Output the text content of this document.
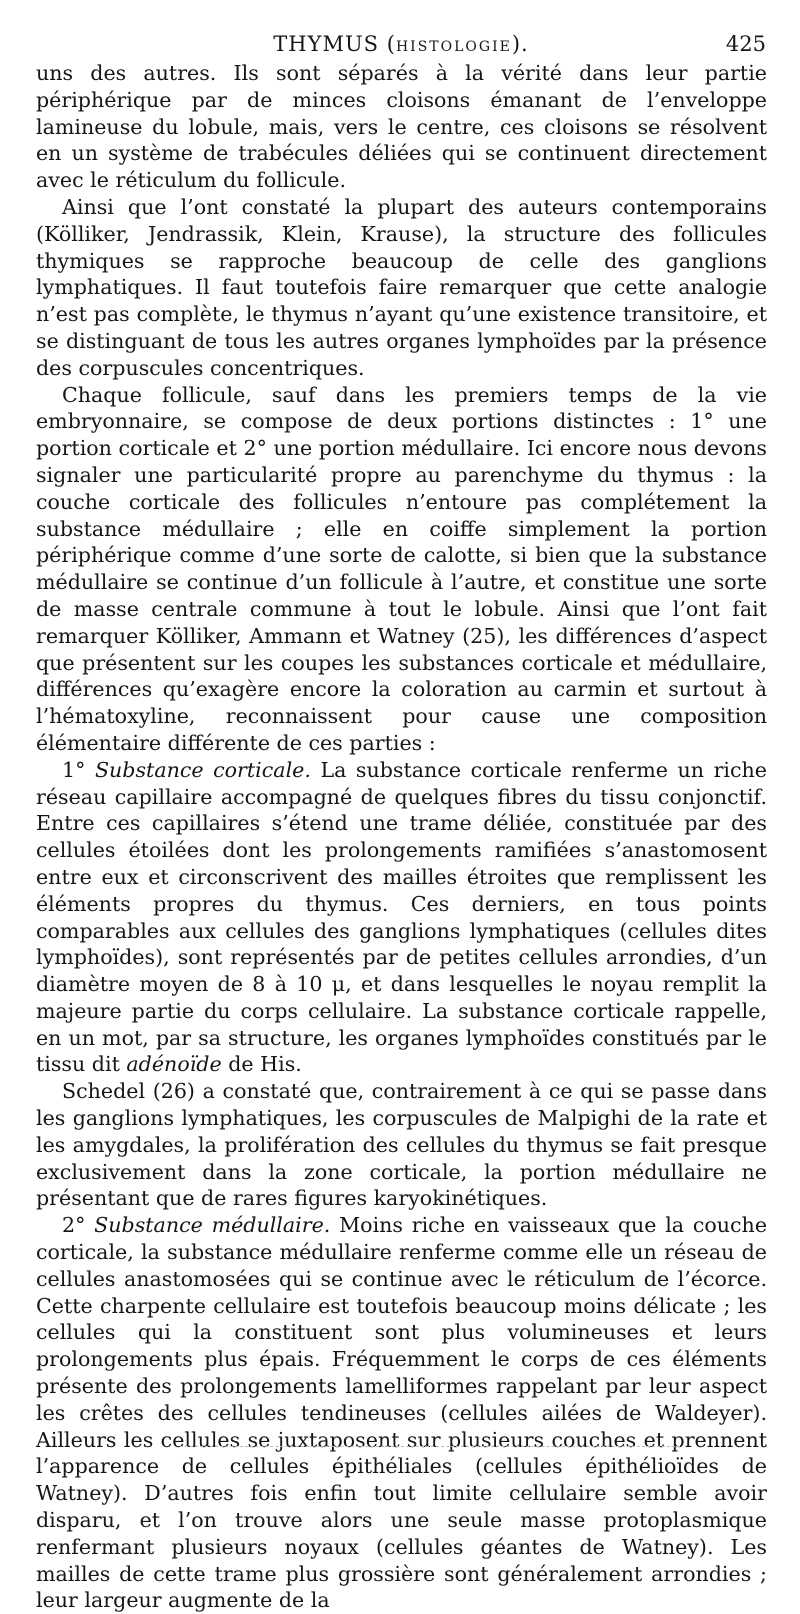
THYMUS (HISTOLOGIE).	425

uns des autres. Ils sont séparés à la vérité dans leur partie périphérique par de minces cloisons émanant de l’enveloppe lamineuse du lobule, mais, vers le centre, ces cloisons se résolvent en un système de trabécules déliées qui se continuent directement avec le réticulum du follicule.

Ainsi que l’ont constaté la plupart des auteurs contemporains (Kölliker, Jendrassik, Klein, Krause), la structure des follicules thymiques se rapproche beaucoup de celle des ganglions lymphatiques. Il faut toutefois faire remarquer que cette analogie n’est pas complète, le thymus n’ayant qu’une existence transitoire, et se distinguant de tous les autres organes lymphoïdes par la présence des corpuscules concentriques.

Chaque follicule, sauf dans les premiers temps de la vie embryonnaire, se compose de deux portions distinctes : 1° une portion corticale et 2° une portion médullaire. Ici encore nous devons signaler une particularité propre au parenchyme du thymus : la couche corticale des follicules n’entoure pas complétement la substance médullaire ; elle en coiffe simplement la portion périphérique comme d’une sorte de calotte, si bien que la substance médullaire se continue d’un follicule à l’autre, et constitue une sorte de masse centrale commune à tout le lobule. Ainsi que l’ont fait remarquer Kölliker, Ammann et Watney (25), les différences d’aspect que présentent sur les coupes les substances corticale et médullaire, différences qu’exagère encore la coloration au carmin et surtout à l’hématoxyline, reconnaissent pour cause une composition élémentaire différente de ces parties :

1° Substance corticale. La substance corticale renferme un riche réseau capillaire accompagné de quelques fibres du tissu conjonctif. Entre ces capillaires s’étend une trame déliée, constituée par des cellules étoilées dont les prolongements ramifiées s’anastomosent entre eux et circonscrivent des mailles étroites que remplissent les éléments propres du thymus. Ces derniers, en tous points comparables aux cellules des ganglions lymphatiques (cellules dites lymphoïdes), sont représentés par de petites cellules arrondies, d’un diamètre moyen de 8 à 10 μ, et dans lesquelles le noyau remplit la majeure partie du corps cellulaire. La substance corticale rappelle, en un mot, par sa structure, les organes lymphoïdes constitués par le tissu dit adénoïde de His.

Schedel (26) a constaté que, contrairement à ce qui se passe dans les ganglions lymphatiques, les corpuscules de Malpighi de la rate et les amygdales, la prolifération des cellules du thymus se fait presque exclusivement dans la zone corticale, la portion médullaire ne présentant que de rares figures karyokinétiques.

2° Substance médullaire. Moins riche en vaisseaux que la couche corticale, la substance médullaire renferme comme elle un réseau de cellules anastomosées qui se continue avec le réticulum de l’écorce. Cette charpente cellulaire est toutefois beaucoup moins délicate ; les cellules qui la constituent sont plus volumineuses et leurs prolongements plus épais. Fréquemment le corps de ces éléments présente des prolongements lamelliformes rappelant par leur aspect les crêtes des cellules tendineuses (cellules ailées de Waldeyer). Ailleurs les cellules se juxtaposent sur plusieurs couches et prennent l’apparence de cellules épithéliales (cellules épithélioïdes de Watney). D’autres fois enfin tout limite cellulaire semble avoir disparu, et l’on trouve alors une seule masse protoplasmique renfermant plusieurs noyaux (cellules géantes de Watney). Les mailles de cette trame plus grossière sont généralement arrondies ; leur largeur augmente de la
